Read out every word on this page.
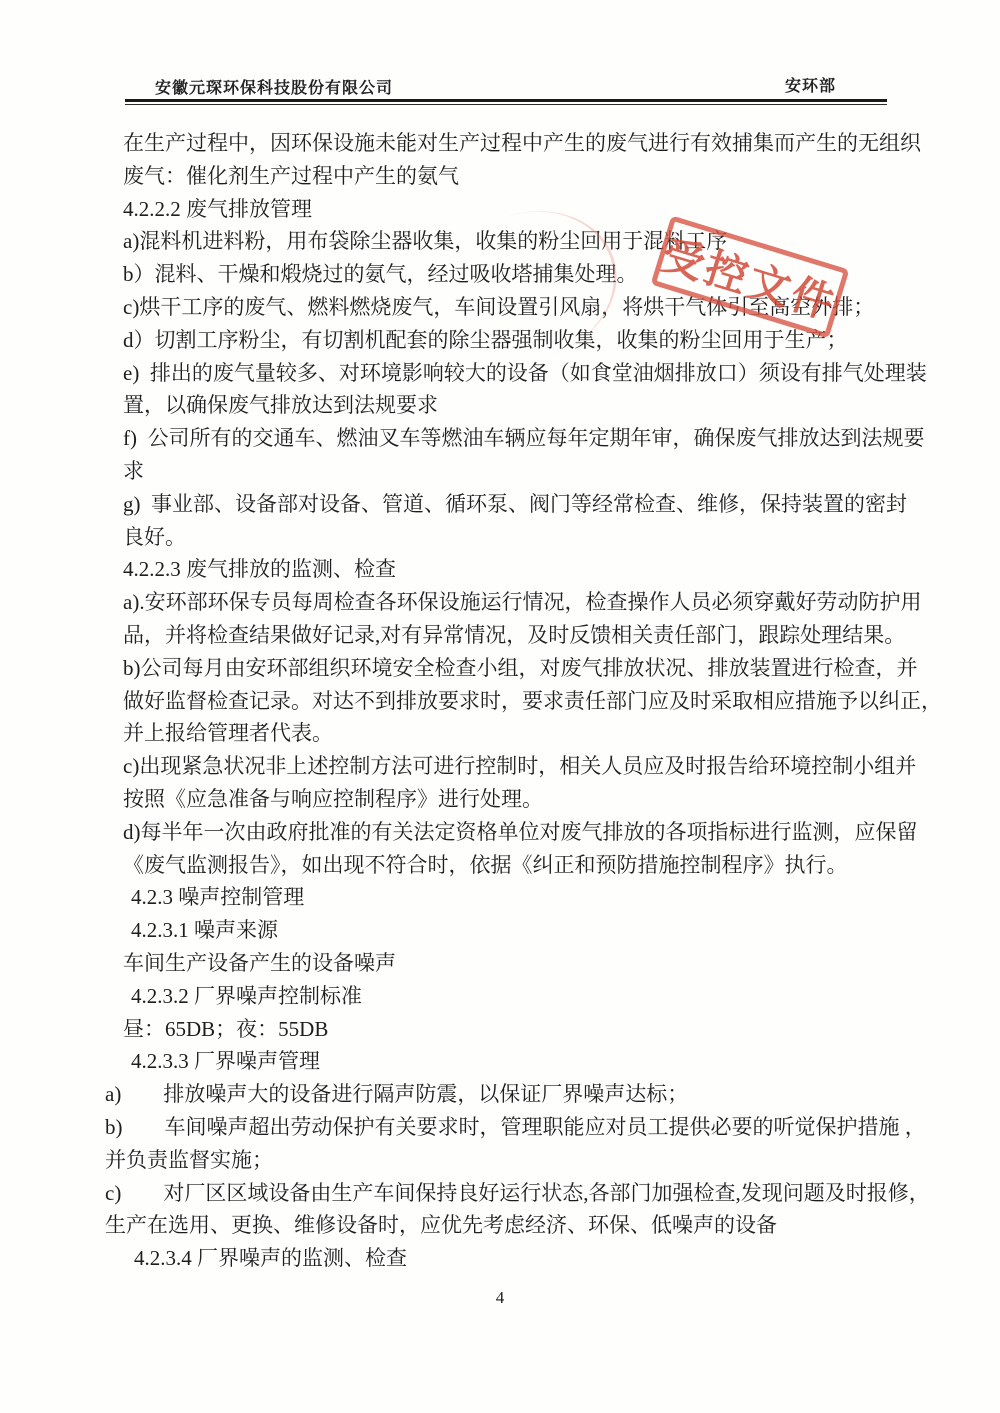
安徽元琛环保科技股份有限公司	安环部
在生产过程中，因环保设施未能对生产过程中产生的废气进行有效捕集而产生的无组织
废气：催化剂生产过程中产生的氨气
4.2.2.2 废气排放管理
a)混料机进料粉，用布袋除尘器收集，收集的粉尘回用于混料工序
b）混料、干燥和煅烧过的氨气，经过吸收塔捕集处理。
c)烘干工序的废气、燃料燃烧废气，车间设置引风扇，将烘干气体引至高空外排；
d）切割工序粉尘，有切割机配套的除尘器强制收集，收集的粉尘回用于生产；
e)  排出的废气量较多、对环境影响较大的设备（如食堂油烟排放口）须设有排气处理装
置，以确保废气排放达到法规要求
f)  公司所有的交通车、燃油叉车等燃油车辆应每年定期年审，确保废气排放达到法规要
求
g)  事业部、设备部对设备、管道、循环泵、阀门等经常检查、维修，保持装置的密封
良好。
4.2.2.3 废气排放的监测、检查
a).安环部环保专员每周检查各环保设施运行情况，检查操作人员必须穿戴好劳动防护用
品，并将检查结果做好记录,对有异常情况，及时反馈相关责任部门，跟踪处理结果。
b)公司每月由安环部组织环境安全检查小组，对废气排放状况、排放装置进行检查，并
做好监督检查记录。对达不到排放要求时，要求责任部门应及时采取相应措施予以纠正，
并上报给管理者代表。
c)出现紧急状况非上述控制方法可进行控制时，相关人员应及时报告给环境控制小组并
按照《应急准备与响应控制程序》进行处理。
d)每半年一次由政府批准的有关法定资格单位对废气排放的各项指标进行监测，应保留
《废气监测报告》，如出现不符合时，依据《纠正和预防措施控制程序》执行。
4.2.3 噪声控制管理
4.2.3.1 噪声来源
车间生产设备产生的设备噪声
4.2.3.2 厂界噪声控制标准
昼：65DB；夜：55DB
4.2.3.3 厂界噪声管理
a)　　排放噪声大的设备进行隔声防震，以保证厂界噪声达标；
b)　　车间噪声超出劳动保护有关要求时，管理职能应对员工提供必要的听觉保护措施 ，
并负责监督实施；
c)　　对厂区区域设备由生产车间保持良好运行状态,各部门加强检查,发现问题及时报修，
生产在选用、更换、维修设备时，应优先考虑经济、环保、低噪声的设备
4.2.3.4 厂界噪声的监测、检查
受控文件
4
